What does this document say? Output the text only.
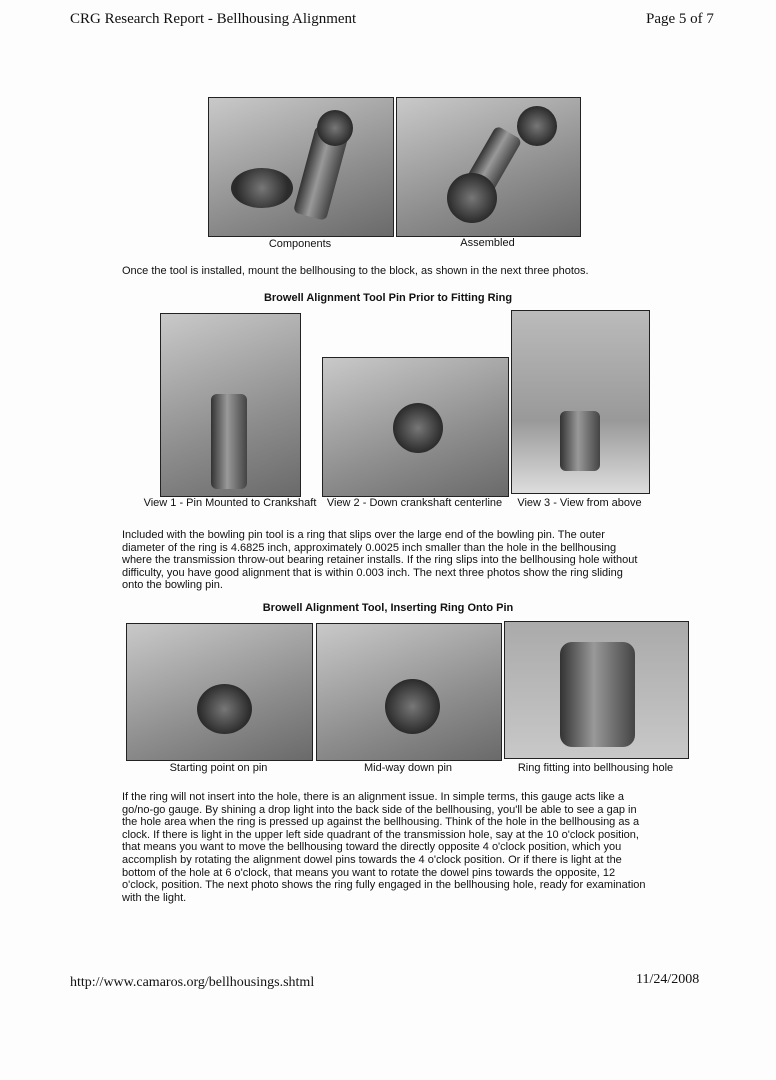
CRG Research Report - Bellhousing Alignment	Page 5 of 7
Components	Assembled
Once the tool is installed, mount the bellhousing to the block, as shown in the next three photos.
Browell Alignment Tool Pin Prior to Fitting Ring
View 1 - Pin Mounted to Crankshaft View 2 - Down crankshaft centerline	View 3 - View from above
Included with the bowling pin tool is a ring that slips over the large end of the bowling pin. The outer
diameter of the ring is 4.6825 inch, approximately 0.0025 inch smaller than the hole in the bellhousing
where the transmission throw-out bearing retainer installs. If the ring slips into the bellhousing hole without
difficulty, you have good alignment that is within 0.003 inch. The next three photos show the ring sliding
onto the bowling pin.
Browell Alignment Tool, Inserting Ring Onto Pin
Starting point on pin	Mid-way down pin	Ring fitting into bellhousing hole
If the ring will not insert into the hole, there is an alignment issue. In simple terms, this gauge acts like a
go/no-go gauge. By shining a drop light into the back side of the bellhousing, you'll be able to see a gap in
the hole area when the ring is pressed up against the bellhousing. Think of the hole in the bellhousing as a
clock. If there is light in the upper left side quadrant of the transmission hole, say at the 10 o'clock position,
that means you want to move the bellhousing toward the directly opposite 4 o'clock position, which you
accomplish by rotating the alignment dowel pins towards the 4 o'clock position. Or if there is light at the
bottom of the hole at 6 o'clock, that means you want to rotate the dowel pins towards the opposite, 12
o'clock, position. The next photo shows the ring fully engaged in the bellhousing hole, ready for examination
with the light.
http://www.camaros.org/bellhousings.shtml	11/24/2008
